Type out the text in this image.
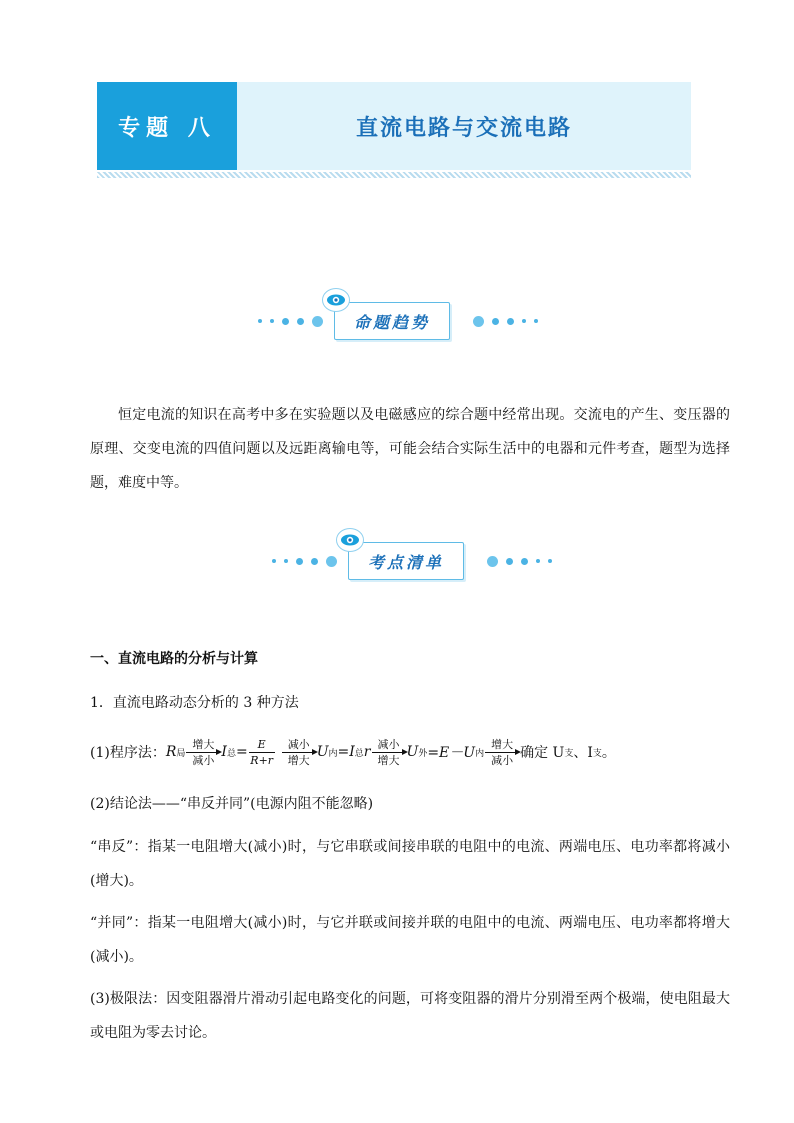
专题 八	直流电路与交流电路
命题趋势
恒定电流的知识在高考中多在实验题以及电磁感应的综合题中经常出现。交流电的产生、变压器的原理、交变电流的四值问题以及远距离输电等，可能会结合实际生活中的电器和元件考查，题型为选择题，难度中等。
考点清单
一、直流电路的分析与计算
1．直流电路动态分析的 3 种方法
(1)程序法： R 局
增大
减小 I 总 = E
R+r
减小
增大 U 内 =I 总 r 减小
增大 U 外 =E－U 内
增大
减小 确定 U 支 、I 支 。
(2)结论法——“串反并同”(电源内阻不能忽略)
“串反”：指某一电阻增大(减小)时，与它串联或间接串联的电阻中的电流、两端电压、电功率都将减小(增大)。
“并同”：指某一电阻增大(减小)时，与它并联或间接并联的电阻中的电流、两端电压、电功率都将增大(减小)。
(3)极限法：因变阻器滑片滑动引起电路变化的问题，可将变阻器的滑片分别滑至两个极端，使电阻最大或电阻为零去讨论。
